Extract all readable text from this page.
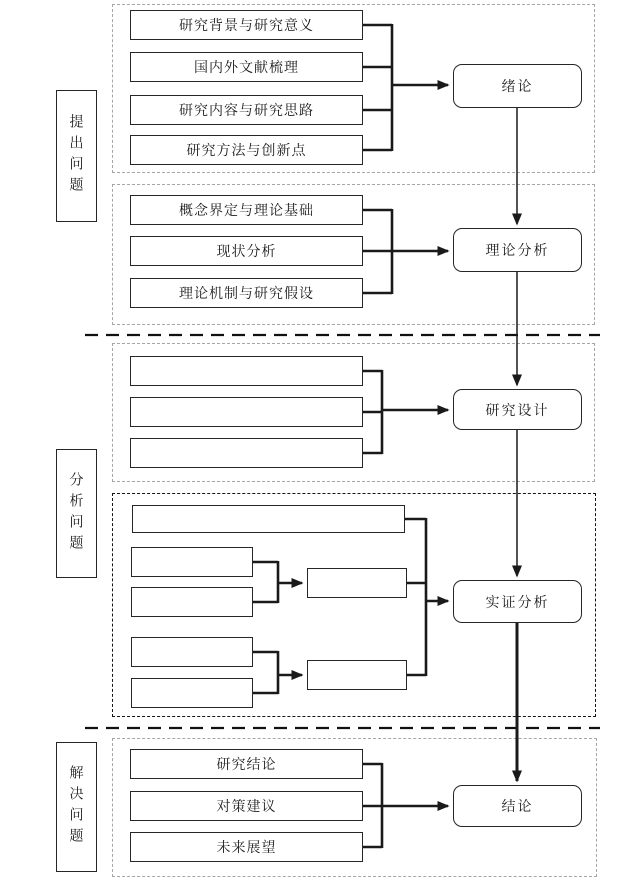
提出问题
分析问题
解决问题
研究背景与研究意义
国内外文献梳理
研究内容与研究思路
研究方法与创新点
概念界定与理论基础
现状分析
理论机制与研究假设
研究结论
对策建议
未来展望
绪论
理论分析
研究设计
实证分析
结论
